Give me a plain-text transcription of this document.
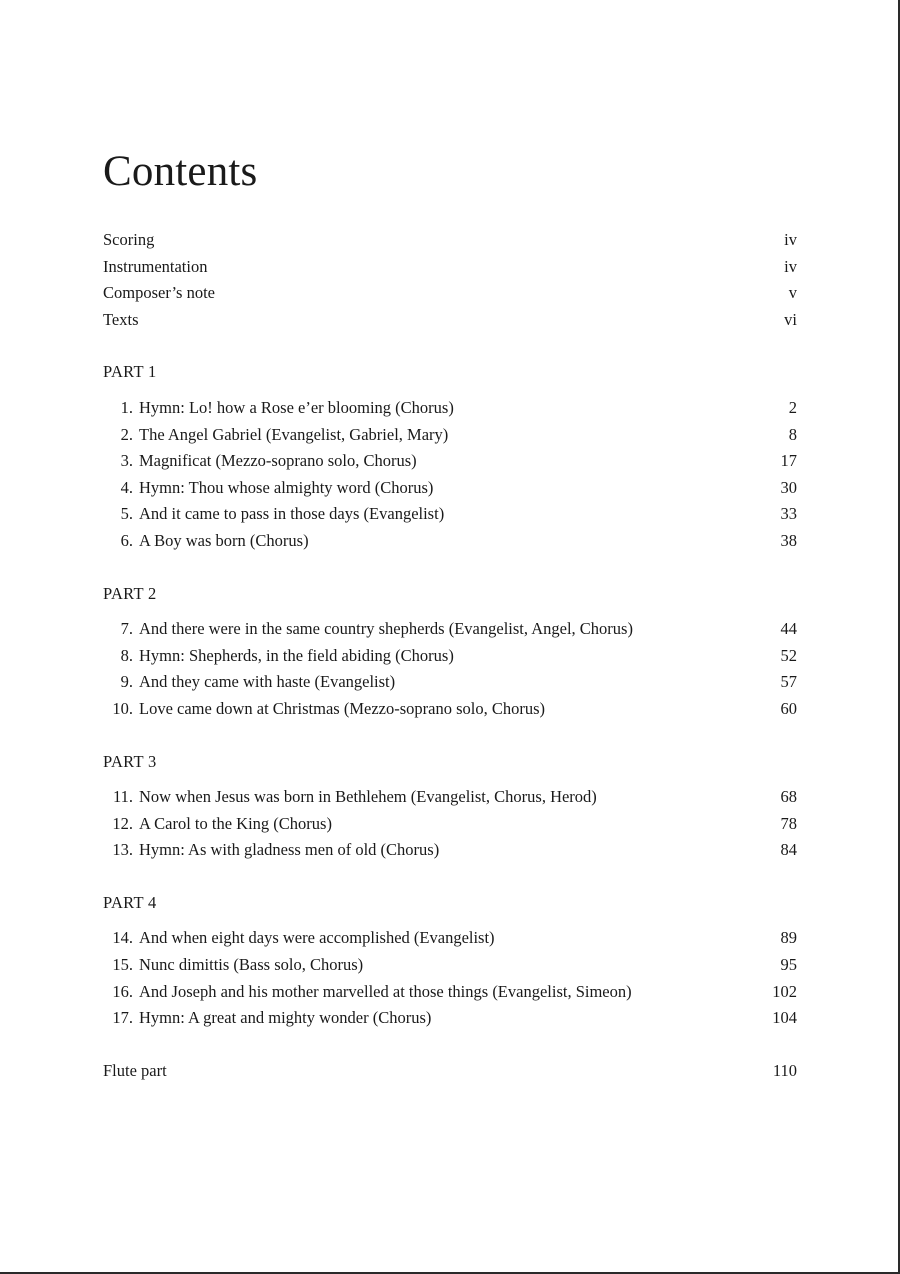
Contents
Scoring	iv
Instrumentation	iv
Composer’s note	v
Texts	vi
PART 1
1. Hymn: Lo! how a Rose e’er blooming (Chorus)	2
2. The Angel Gabriel (Evangelist, Gabriel, Mary)	8
3. Magnificat (Mezzo-soprano solo, Chorus)	17
4. Hymn: Thou whose almighty word (Chorus)	30
5. And it came to pass in those days (Evangelist)	33
6. A Boy was born (Chorus)	38
PART 2
7. And there were in the same country shepherds (Evangelist, Angel, Chorus)	44
8. Hymn: Shepherds, in the field abiding (Chorus)	52
9. And they came with haste (Evangelist)	57
10. Love came down at Christmas (Mezzo-soprano solo, Chorus)	60
PART 3
11. Now when Jesus was born in Bethlehem (Evangelist, Chorus, Herod)	68
12. A Carol to the King (Chorus)	78
13. Hymn: As with gladness men of old (Chorus)	84
PART 4
14. And when eight days were accomplished (Evangelist)	89
15. Nunc dimittis (Bass solo, Chorus)	95
16. And Joseph and his mother marvelled at those things (Evangelist, Simeon)	102
17. Hymn: A great and mighty wonder (Chorus)	104
Flute part	110
